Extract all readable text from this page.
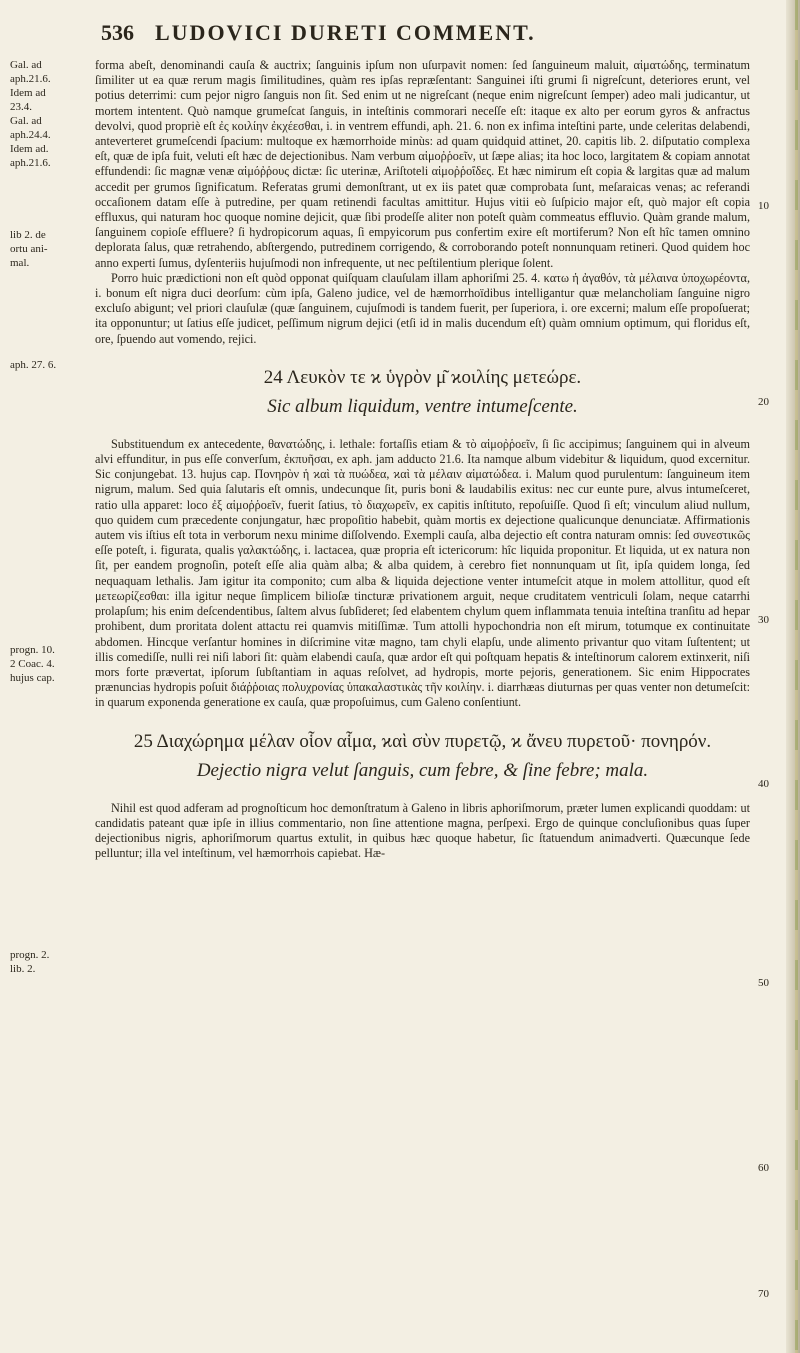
536 LUDOVICI DURETI COMMENT.
Gal. ad
aph.21.6.
Idem ad
23.4.
Gal. ad
aph.24.4.
Idem ad.
aph.21.6.
lib 2. de
ortu ani-
mal.
aph. 27. 6.
progn. 10.
2 Coac. 4.
hujus cap.
progn. 2.
lib. 2.
10
20
30
40
50
60
70

forma abeſt, denominandi cauſa & auctrix; ſanguinis ipſum non uſurpavit nomen: ſed ſanguineum maluit, αἱματώδης, terminatum ſimiliter ut ea quæ rerum magis ſimilitudines, quàm res ipſas repræſentant: Sanguinei iſti grumi ſi nigreſcunt, deteriores erunt, vel potius deterrimi: cum pejor nigro ſanguis non ſit. Sed enim ut ne nigreſcant (neque enim nigreſcunt ſemper) adeo mali judicantur, ut mortem intentent. Quò namque grumeſcat ſanguis, in inteſtinis commorari neceſſe eſt: itaque ex alto per eorum gyros & anfractus devolvi, quod propriè eſt ἐς κοιλίην ἐκχέεσθαι, i. in ventrem effundi, aph. 21. 6. non ex infima inteſtini parte, unde celeritas delabendi, anteverteret grumeſcendi ſpacium: multoque ex hæmorrhoide minùs: ad quam quidquid attinet, 20. capitis lib. 2. diſputatio complexa eſt, quæ de ipſa fuit, veluti eſt hæc de dejectionibus. Nam verbum αἱμοῤῥοεῖν, ut ſæpe alias; ita hoc loco, largitatem & copiam annotat effundendi: ſic magnæ venæ αἱμόῤῥους dictæ: ſic uterinæ, Ariſtoteli αἱμοῤῥοΐδες. Et hæc nimirum eſt copia & largitas quæ ad malum accedit per grumos ſignificatum. Referatas grumi demonſtrant, ut ex iis patet quæ comprobata ſunt, meſaraicas venas; ac referandi occaſionem datam eſſe à putredine, per quam retinendi facultas amittitur. Hujus vitii eò ſuſpicio major eſt, quò major eſt copia effluxus, qui naturam hoc quoque nomine dejicit, quæ ſibi prodeſſe aliter non poteſt quàm commeatus effluvio. Quàm grande malum, ſanguinem copioſe effluere? ſi hydropicorum aquas, ſi empyicorum pus confertim exire eſt mortiferum? Non eſt hîc tamen omnino deplorata ſalus, quæ retrahendo, abſtergendo, putredinem corrigendo, & corroborando poteſt nonnunquam retineri. Quod quidem hoc anno experti ſumus, dyſenteriis hujuſmodi non infrequente, ut nec peſtilentium plerique ſolent.

Porro huic prædictioni non eſt quòd opponat quiſquam clauſulam illam aphoriſmi 25. 4. κατω ἡ ἀγαθόν, τὰ μέλαινα ὑποχωρέοντα, i. bonum eſt nigra duci deorſum: cùm ipſa, Galeno judice, vel de hæmorrhoïdibus intelligantur quæ melancholiam ſanguine nigro excluſo abigunt; vel priori clauſulæ (quæ ſanguinem, cujuſmodi is tandem fuerit, per ſuperiora, i. ore excerni; malum eſſe propoſuerat; ita opponuntur; ut ſatius eſſe judicet, peſſimum nigrum dejici (etſi id in malis ducendum eſt) quàm omnium optimum, qui floridus eſt, ore, ſpuendo aut vomendo, rejici.

24 Λευκὸν τε ϰ ὑγρὸν μ͂ ϰοιλίης μετεώρε.
Sic album liquidum, ventre intumeſcente.

Substituendum ex antecedente, θανατώδης, i. lethale: fortaſſis etiam & τὸ αἱμοῤῥοεῖν, ſi ſic accipimus; ſanguinem qui in alveum alvi effunditur, in pus eſſe converſum, ἐκπυῆσαι, ex aph. jam adducto 21.6. Ita namque album videbitur & liquidum, quod excernitur. Sic conjungebat. 13. hujus cap. Πονηρὸν ἡ ϰαὶ τὰ πυώδεα, ϰαὶ τὰ μέλαιν αἱματώδεα. i. Malum quod purulentum: ſanguineum item nigrum, malum. Sed quia ſalutaris eſt omnis, undecunque ſit, puris boni & laudabilis exitus: nec cur eunte pure, alvus intumeſceret, ratio ulla apparet: loco ἐξ αἱμοῤῥοεῖν, fuerit ſatius, τὸ διαχωρεῖν, ex capitis inſtituto, repoſuiſſe. Quod ſi eſt; vinculum aliud nullum, quo quidem cum præcedente conjungatur, hæc propoſitio habebit, quàm mortis ex dejectione qualicunque denunciatæ. Affirmationis autem vis iſtius eſt tota in verborum nexu minime diſſolvendo. Exempli cauſa, alba dejectio eſt contra naturam omnis: ſed συνεστικῶς eſſe poteſt, i. figurata, qualis γαλακτώδης, i. lactacea, quæ propria eſt ictericorum: hîc liquida proponitur. Et liquida, ut ex natura non ſit, per eandem prognoſin, poteſt eſſe alia quàm alba; & alba quidem, à cerebro fiet nonnunquam ut ſit, ipſa quidem longa, ſed nequaquam lethalis. Jam igitur ita componito; cum alba & liquida dejectione venter intumeſcit atque in molem attollitur, quod eſt μετεωρίζεσθαι: illa igitur neque ſimplicem bilioſæ tincturæ privationem arguit, neque cruditatem ventriculi ſolam, neque catarrhi prolapſum; his enim deſcendentibus, ſaltem alvus ſubſideret; ſed elabentem chylum quem inflammata tenuia inteſtina tranſitu ad hepar prohibent, dum proritata dolent attactu rei quamvis mitiſſimæ. Tum attolli hypochondria non eſt mirum, totumque ex continuitate abdomen. Hincque verſantur homines in diſcrimine vitæ magno, tam chyli elapſu, unde alimento privantur quo vitam ſuſtentent; ut illis comediſſe, nulli rei niſi labori ſit: quàm elabendi cauſa, quæ ardor eſt qui poſtquam hepatis & inteſtinorum calorem extinxerit, niſi mors forte prævertat, ipſorum ſubſtantiam in aquas reſolvet, ad hydropis, morte pejoris, generationem. Sic enim Hippocrates prænuncias hydropis poſuit διάῤῥοιας πολυχρονίας ὑπακαλαστικὰς τῆν κοιλίην. i. diarrhæas diuturnas per quas venter non detumeſcit: in quarum exponenda generatione ex cauſa, quæ propoſuimus, cum Galeno conſentiunt.

25 Διαχώρημα μέλαν οἷον αἷμα, ϰαὶ σὺν πυρετῷ, ϰ ἄνευ πυρετοῦ· πονηρόν.
Dejectio nigra velut ſanguis, cum febre, & ſine febre; mala.

Nihil est quod adferam ad prognoſticum hoc demonſtratum à Galeno in libris aphoriſmorum, præter lumen explicandi quoddam: ut candidatis pateant quæ ipſe in illius commentario, non ſine attentione magna, perſpexi. Ergo de quinque concluſionibus quas ſuper dejectionibus nigris, aphoriſmorum quartus extulit, in quibus hæc quoque habetur, ſic ſtatuendum animadverti. Quæcunque ſede pelluntur; illa vel inteſtinum, vel hæmorrhois capiebat. Hæ-
